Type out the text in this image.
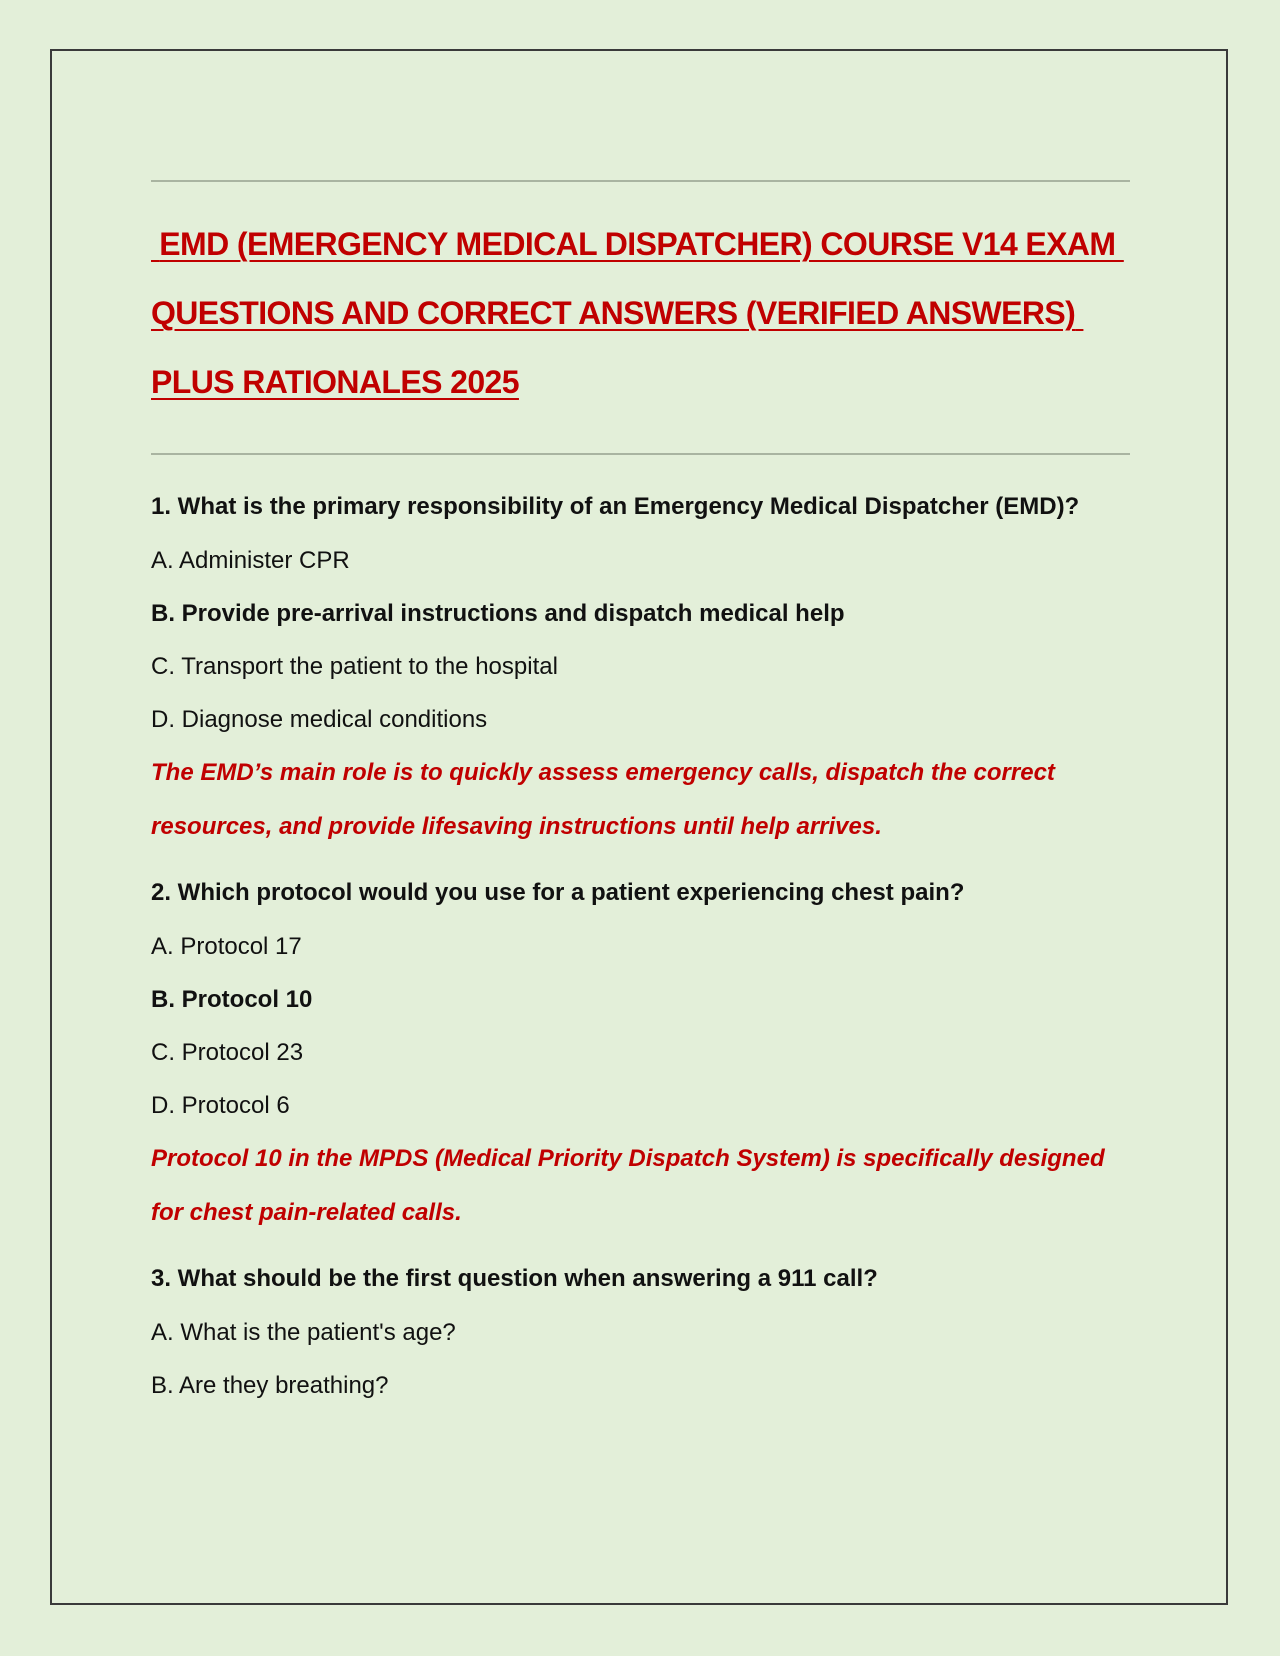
EMD (EMERGENCY MEDICAL DISPATCHER) COURSE V14 EXAM QUESTIONS AND CORRECT ANSWERS (VERIFIED ANSWERS) PLUS RATIONALES 2025

1. What is the primary responsibility of an Emergency Medical Dispatcher (EMD)?

A. Administer CPR

B. Provide pre-arrival instructions and dispatch medical help

C. Transport the patient to the hospital

D. Diagnose medical conditions

The EMD’s main role is to quickly assess emergency calls, dispatch the correct resources, and provide lifesaving instructions until help arrives.

2. Which protocol would you use for a patient experiencing chest pain?

A. Protocol 17

B. Protocol 10

C. Protocol 23

D. Protocol 6

Protocol 10 in the MPDS (Medical Priority Dispatch System) is specifically designed for chest pain-related calls.

3. What should be the first question when answering a 911 call?

A. What is the patient's age?

B. Are they breathing?
